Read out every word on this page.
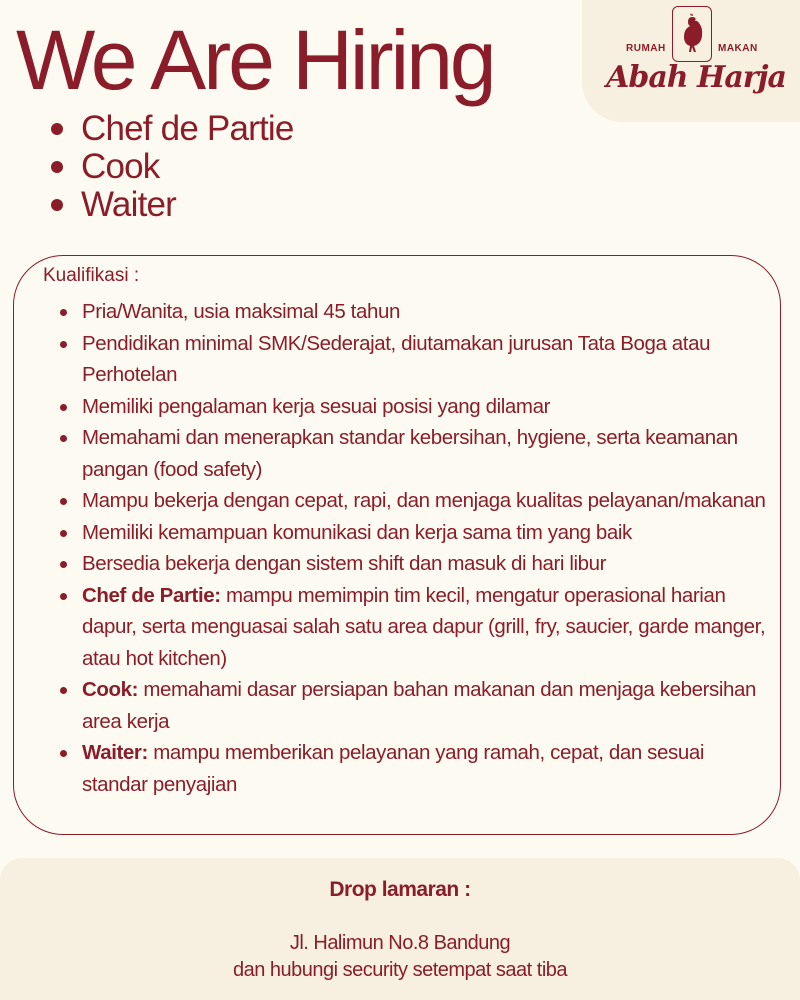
RUMAH	MAKAN
Abah Harja
We Are Hiring
Chef de Partie
Cook
Waiter
Kualifikasi :
Pria/Wanita, usia maksimal 45 tahun
Pendidikan minimal SMK/Sederajat, diutamakan jurusan Tata Boga atau Perhotelan
Memiliki pengalaman kerja sesuai posisi yang dilamar
Memahami dan menerapkan standar kebersihan, hygiene, serta keamanan pangan (food safety)
Mampu bekerja dengan cepat, rapi, dan menjaga kualitas pelayanan/makanan
Memiliki kemampuan komunikasi dan kerja sama tim yang baik
Bersedia bekerja dengan sistem shift dan masuk di hari libur
Chef de Partie: mampu memimpin tim kecil, mengatur operasional harian dapur, serta menguasai salah satu area dapur (grill, fry, saucier, garde manger, atau hot kitchen)
Cook: memahami dasar persiapan bahan makanan dan menjaga kebersihan area kerja
Waiter: mampu memberikan pelayanan yang ramah, cepat, dan sesuai standar penyajian
Drop lamaran :
Jl. Halimun No.8 Bandung
dan hubungi security setempat saat tiba
